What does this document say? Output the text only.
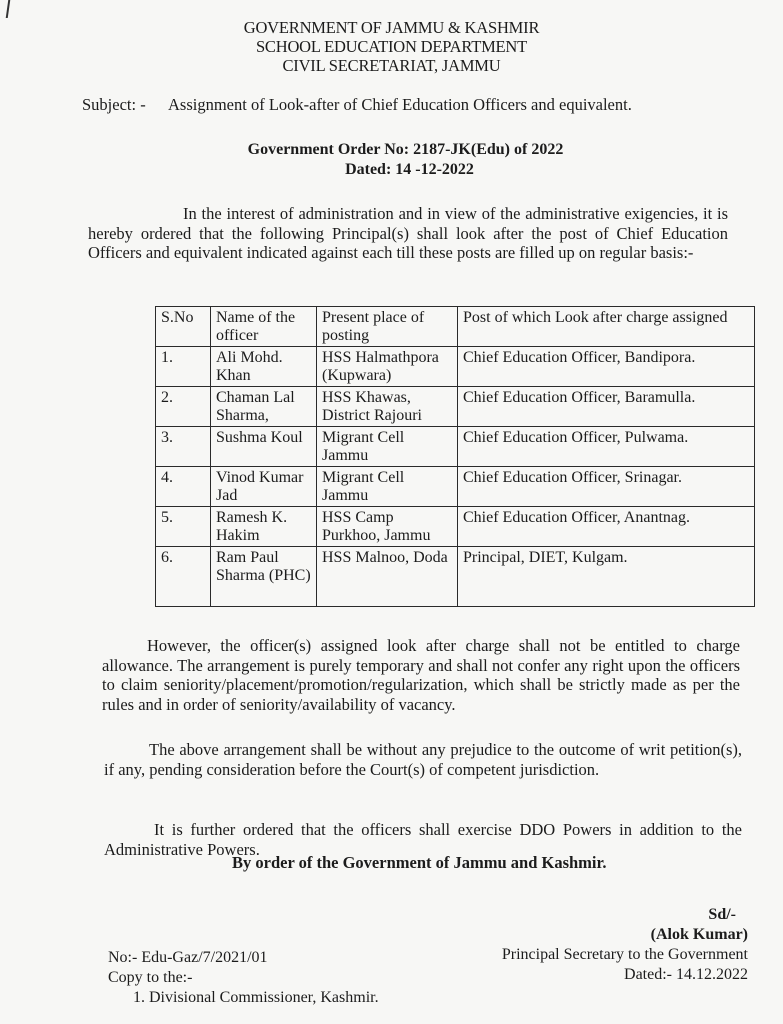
GOVERNMENT OF JAMMU & KASHMIR
SCHOOL EDUCATION DEPARTMENT
CIVIL SECRETARIAT, JAMMU
Subject: - Assignment of Look-after of Chief Education Officers and equivalent.
Government Order No: 2187-JK(Edu) of 2022
Dated: 14 -12-2022
In the interest of administration and in view of the administrative exigencies, it is hereby ordered that the following Principal(s) shall look after the post of Chief Education Officers and equivalent indicated against each till these posts are filled up on regular basis:-
S.No	Name of the officer	Present place of posting	Post of which Look after charge assigned
1.	Ali Mohd. Khan	HSS Halmathpora (Kupwara)	Chief Education Officer, Bandipora.
2.	Chaman Lal Sharma,	HSS Khawas, District Rajouri	Chief Education Officer, Baramulla.
3.	Sushma Koul	Migrant Cell Jammu	Chief Education Officer, Pulwama.
4.	Vinod Kumar Jad	Migrant Cell Jammu	Chief Education Officer, Srinagar.
5.	Ramesh K. Hakim	HSS Camp Purkhoo, Jammu	Chief Education Officer, Anantnag.
6.	Ram Paul Sharma (PHC)	HSS Malnoo, Doda	Principal, DIET, Kulgam.
However, the officer(s) assigned look after charge shall not be entitled to charge allowance. The arrangement is purely temporary and shall not confer any right upon the officers to claim seniority/placement/promotion/regularization, which shall be strictly made as per the rules and in order of seniority/availability of vacancy.
The above arrangement shall be without any prejudice to the outcome of writ petition(s), if any, pending consideration before the Court(s) of competent jurisdiction.
It is further ordered that the officers shall exercise DDO Powers in addition to the Administrative Powers.
By order of the Government of Jammu and Kashmir.
Sd/-
(Alok Kumar)
Principal Secretary to the Government
Dated:- 14.12.2022
No:- Edu-Gaz/7/2021/01
Copy to the:-
1. Divisional Commissioner, Kashmir.
